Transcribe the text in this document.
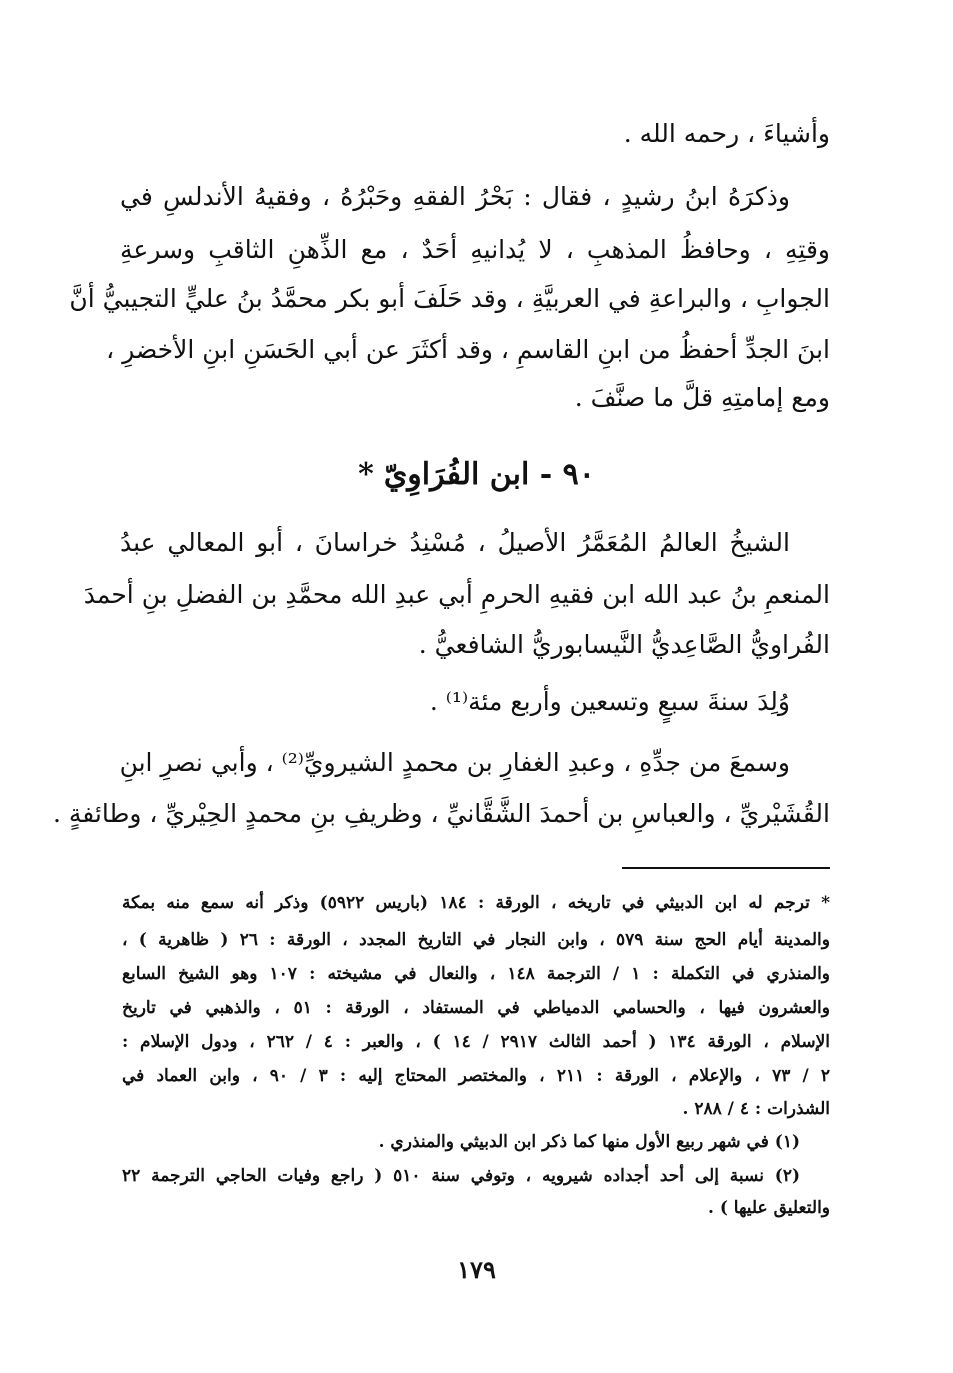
وأشياءَ ، رحمه الله .
وذكرَهُ ابنُ رشيدٍ ، فقال : بَحْرُ الفقهِ وحَبْرُهُ ، وفقيهُ الأندلسِ في
وقتِهِ ، وحافظُ المذهبِ ، لا يُدانيهِ أحَدٌ ، مع الذِّهنِ الثاقبِ وسرعةِ
الجوابِ ، والبراعةِ في العربيَّةِ ، وقد حَلَفَ أبو بكر محمَّدُ بنُ عليٍّ التجيبيُّ أنَّ
ابنَ الجدِّ أحفظُ من ابنِ القاسمِ ، وقد أكثَرَ عن أبي الحَسَنِ ابنِ الأخضرِ ،
ومع إمامتِهِ قلَّ ما صنَّفَ .
٩٠ - ابن الفُرَاوِيّ*
الشيخُ العالمُ المُعَمَّرُ الأصيلُ ، مُسْنِدُ خراسانَ ، أبو المعالي عبدُ
المنعمِ بنُ عبد الله ابن فقيهِ الحرمِ أبي عبدِ الله محمَّدِ بن الفضلِ بنِ أحمدَ
الفُراويُّ الصَّاعِديُّ النَّيسابوريُّ الشافعيُّ .
وُلِدَ سنةَ سبعٍ وتسعين وأربع مئة⁽¹⁾ .
وسمعَ من جدِّهِ ، وعبدِ الغفارِ بن محمدٍ الشيرويِّ⁽²⁾ ، وأبي نصرِ ابنِ
القُشَيْريِّ ، والعباسِ بن أحمدَ الشَّقَّانيِّ ، وظريفِ بنِ محمدٍ الحِيْريِّ ، وطائفةٍ .
* ترجم له ابن الدبيثي في تاريخه ، الورقة : ١٨٤ (باريس ٥٩٢٢) وذكر أنه سمع منه بمكة
والمدينة أيام الحج سنة ٥٧٩ ، وابن النجار في التاريخ المجدد ، الورقة : ٢٦ ( ظاهرية ) ،
والمنذري في التكملة : ١ / الترجمة ١٤٨ ، والنعال في مشيخته : ١٠٧ وهو الشيخ السابع
والعشرون فيها ، والحسامي الدمياطي في المستفاد ، الورقة : ٥١ ، والذهبي في تاريخ
الإسلام ، الورقة ١٣٤ ( أحمد الثالث ٢٩١٧ / ١٤ ) ، والعبر : ٤ / ٢٦٢ ، ودول الإسلام :
٢ / ٧٣ ، والإعلام ، الورقة : ٢١١ ، والمختصر المحتاج إليه : ٣ / ٩٠ ، وابن العماد في
الشذرات : ٤ / ٢٨٨ .
(١) في شهر ربيع الأول منها كما ذكر ابن الدبيثي والمنذري .
(٢) نسبة إلى أحد أجداده شيرويه ، وتوفي سنة ٥١٠ ( راجع وفيات الحاجي الترجمة ٢٢
والتعليق عليها ) .
١٧٩
